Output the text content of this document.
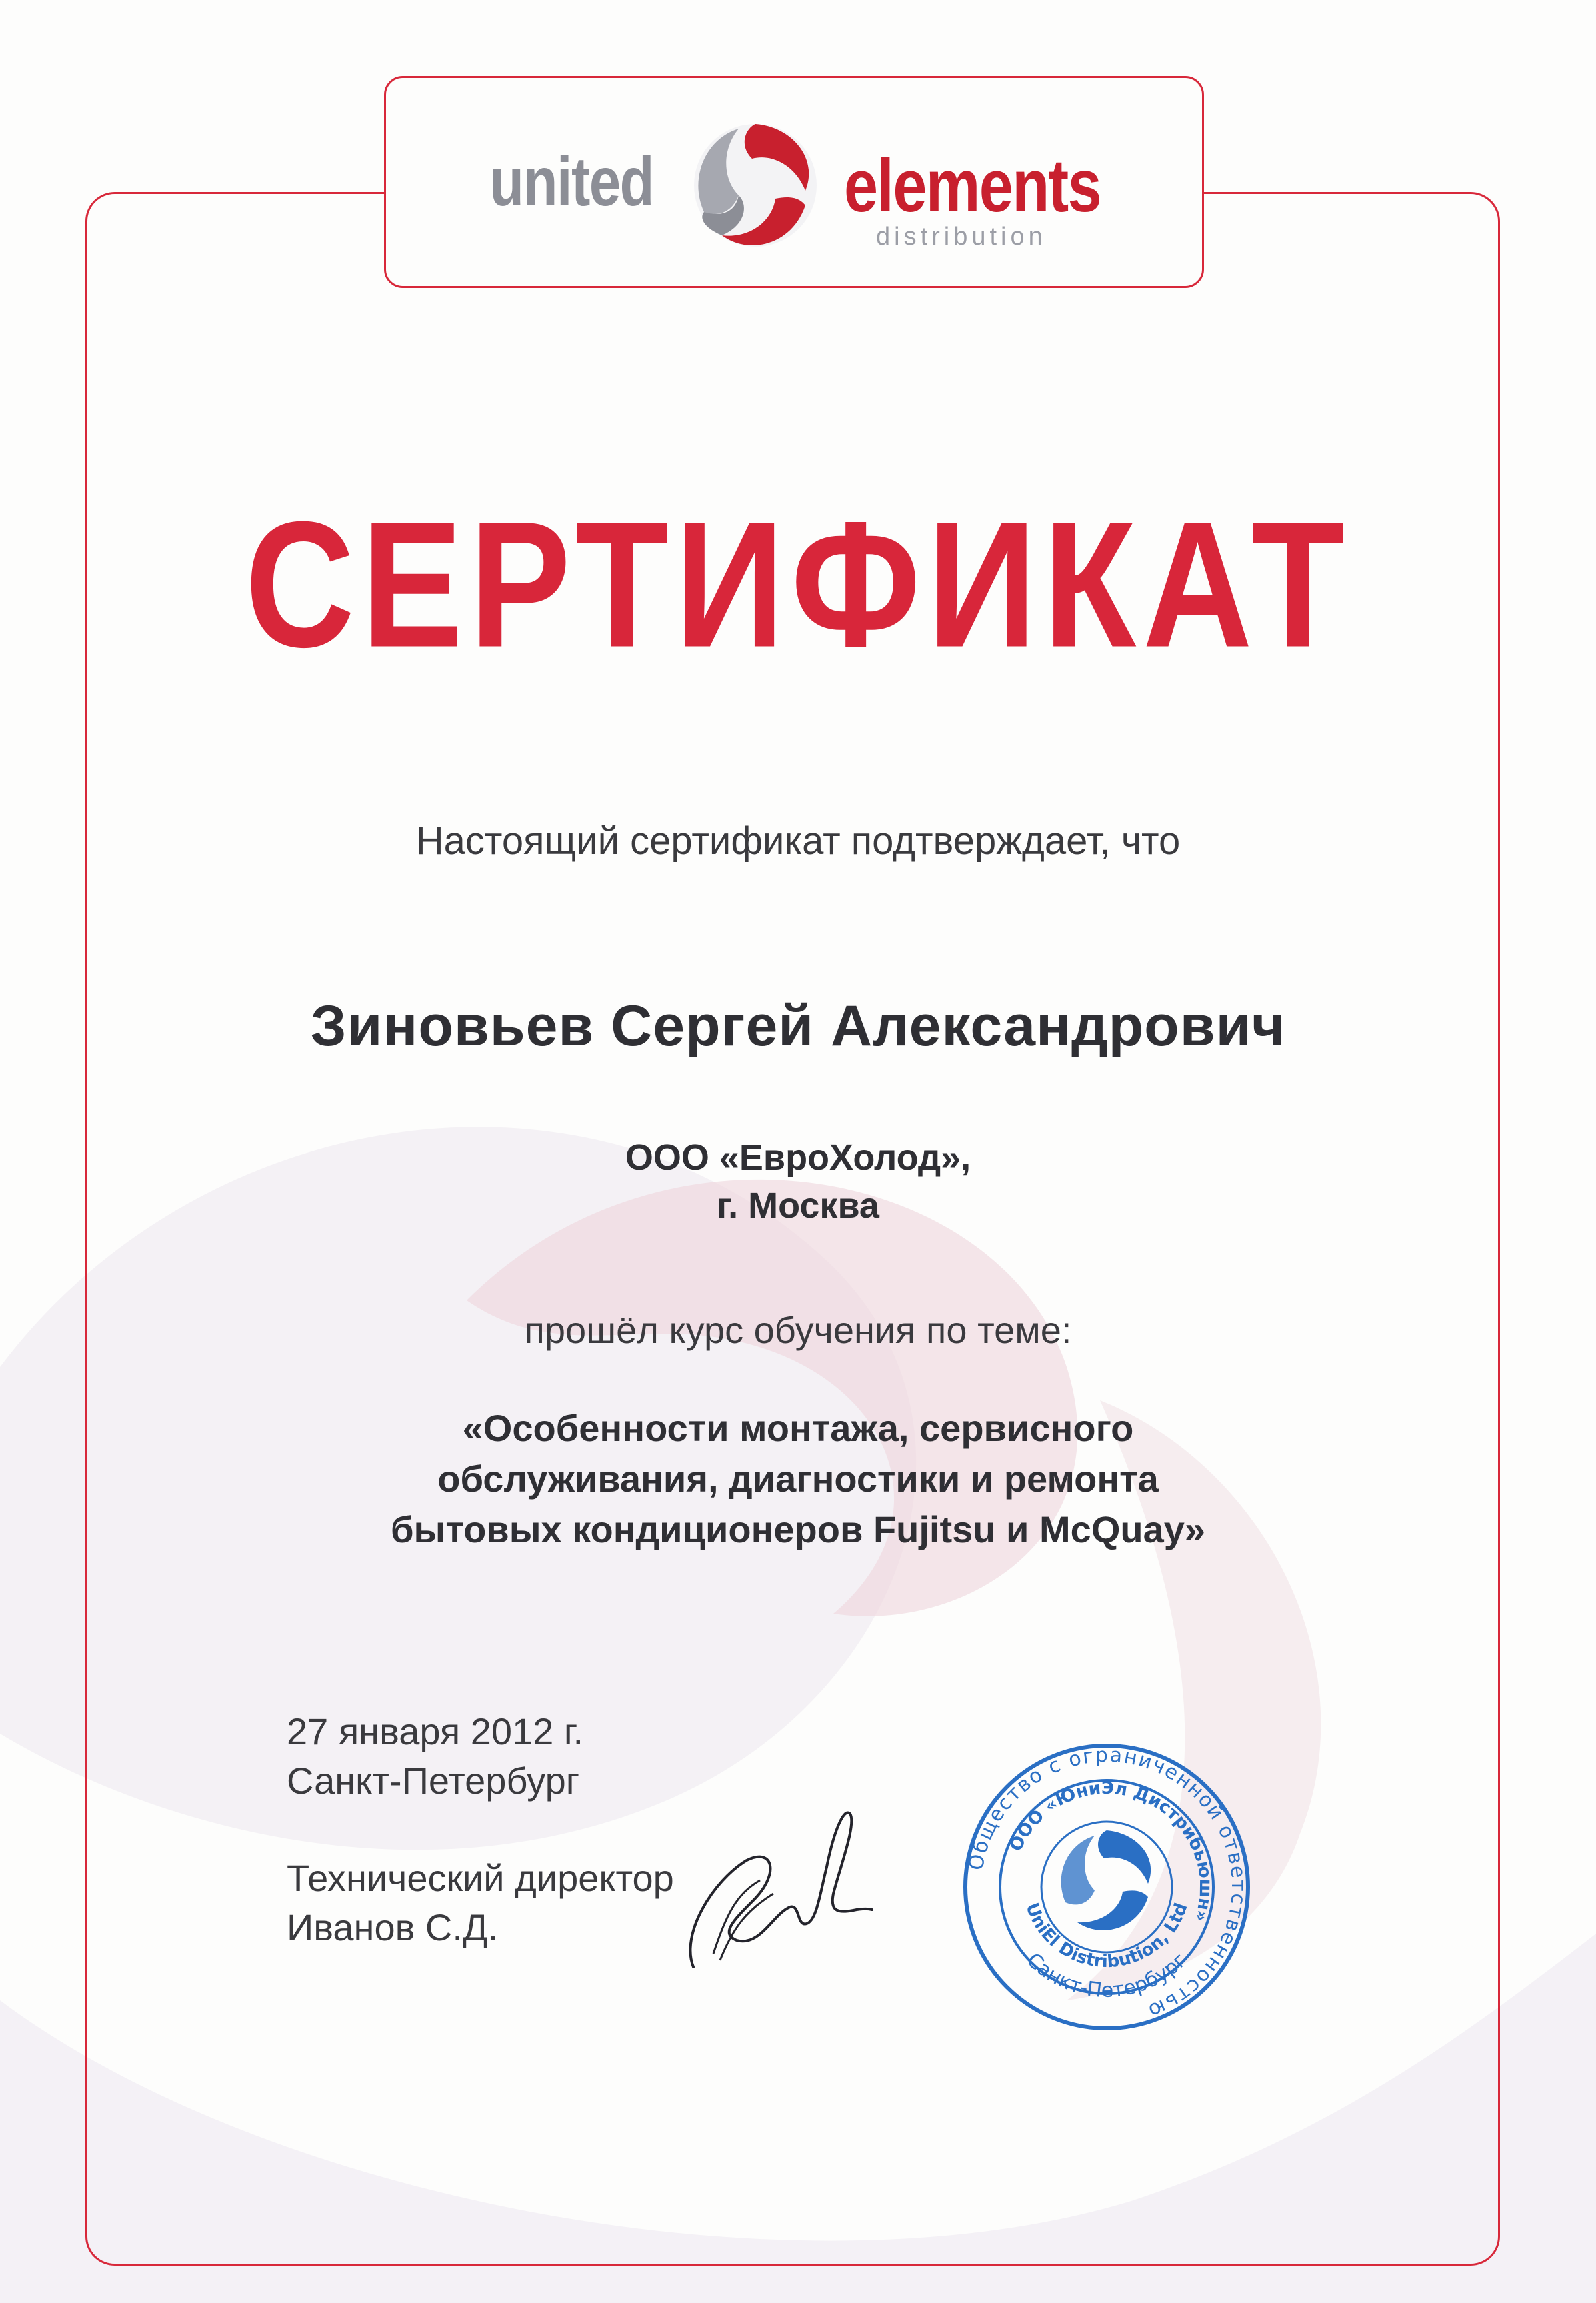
united	elements
distribution
СЕРТИФИКАТ
Настоящий сертификат подтверждает, что
Зиновьев Сергей Александрович
ООО «ЕвроХолод»,
г. Москва
прошёл курс обучения по теме:
«Особенности монтажа, сервисного
обслуживания, диагностики и ремонта
бытовых кондиционеров Fujitsu и McQuay»
27 января 2012 г.
Санкт-Петербург
Технический директор
Иванов С.Д.
Общество с ограниченной ответственностью
ООО «ЮниЭл Дистрибьюшн»
Санкт-Петербург
UniEl Distribution, Ltd
